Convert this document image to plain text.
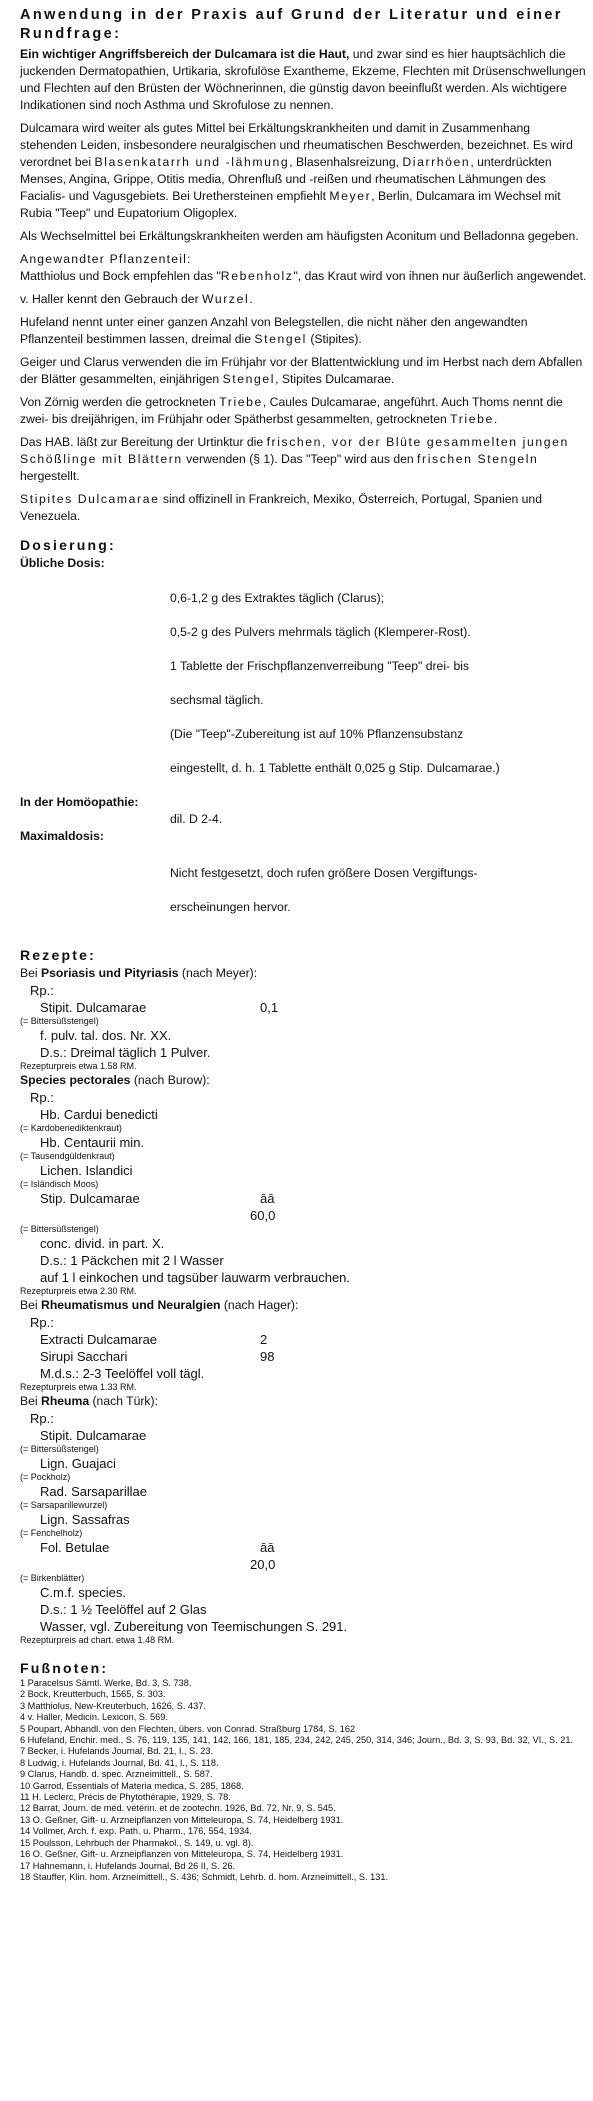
Anwendung in der Praxis auf Grund der Literatur und einer Rundfrage:

Ein wichtiger Angriffsbereich der Dulcamara ist die Haut, und zwar sind es hier hauptsächlich die juckenden Dermatopathien, Urtikaria, skrofulöse Exantheme, Ekzeme, Flechten mit Drüsenschwellungen und Flechten auf den Brüsten der Wöchnerinnen, die günstig davon beeinflußt werden. Als wichtigere Indikationen sind noch Asthma und Skrofulose zu nennen.

Dulcamara wird weiter als gutes Mittel bei Erkältungskrankheiten und damit in Zusammenhang stehenden Leiden, insbesondere neuralgischen und rheumatischen Beschwerden, bezeichnet. Es wird verordnet bei Blasenkatarrh und -lähmung, Blasenhalsreizung, Diarrhöen, unterdrückten Menses, Angina, Grippe, Otitis media, Ohrenfluß und -reißen und rheumatischen Lähmungen des Facialis- und Vagusgebiets. Bei Urethersteinen empfiehlt Meyer, Berlin, Dulcamara im Wechsel mit Rubia "Teep" und Eupatorium Oligoplex.

Als Wechselmittel bei Erkältungskrankheiten werden am häufigsten Aconitum und Belladonna gegeben.

Angewandter Pflanzenteil:

Matthiolus und Bock empfehlen das "Rebenholz", das Kraut wird von ihnen nur äußerlich angewendet.

v. Haller kennt den Gebrauch der Wurzel.

Hufeland nennt unter einer ganzen Anzahl von Belegstellen, die nicht näher den angewandten Pflanzenteil bestimmen lassen, dreimal die Stengel (Stipites).

Geiger und Clarus verwenden die im Frühjahr vor der Blattentwicklung und im Herbst nach dem Abfallen der Blätter gesammelten, einjährigen Stengel, Stipites Dulcamarae.

Von Zörnig werden die getrockneten Triebe, Caules Dulcamarae, angeführt. Auch Thoms nennt die zwei- bis dreijährigen, im Frühjahr oder Spätherbst gesammelten, getrockneten Triebe.

Das HAB. läßt zur Bereitung der Urtinktur die frischen, vor der Blüte gesammelten jungen Schößlinge mit Blättern verwenden (§ 1). Das "Teep" wird aus den frischen Stengeln hergestellt.

Stipites Dulcamarae sind offizinell in Frankreich, Mexiko, Österreich, Portugal, Spanien und Venezuela.

Dosierung:
Übliche Dosis:

0,6-1,2 g des Extraktes täglich (Clarus);

0,5-2 g des Pulvers mehrmals täglich (Klemperer-Rost).

1 Tablette der Frischpflanzenverreibung "Teep" drei- bis

sechsmal täglich.

(Die "Teep"-Zubereitung ist auf 10% Pflanzensubstanz

eingestellt, d. h. 1 Tablette enthält 0,025 g Stip. Dulcamarae.)

In der Homöopathie:
dil. D 2-4.
Maximaldosis:

Nicht festgesetzt, doch rufen größere Dosen Vergiftungs-

erscheinungen hervor.

Rezepte:
Bei Psoriasis und Pityriasis (nach Meyer):
Rp.:
Stipit. Dulcamarae	0,1
(= Bittersüßstengel)
f. pulv. tal. dos. Nr. XX.
D.s.: Dreimal täglich 1 Pulver.
Rezepturpreis etwa 1.58 RM.
Species pectorales (nach Burow):
Rp.:
Hb. Cardui benedicti
(= Kardobenediktenkraut)
Hb. Centaurii min.
(= Tausendgüldenkraut)
Lichen. Islandici
(= Isländisch Moos)
Stip. Dulcamarae	āā
60,0
(= Bittersüßstengel)
conc. divid. in part. X.
D.s.: 1 Päckchen mit 2 l Wasser
auf 1 l einkochen und tagsüber lauwarm verbrauchen.
Rezepturpreis etwa 2.30 RM.
Bei Rheumatismus und Neuralgien (nach Hager):
Rp.:
Extracti Dulcamarae	2
Sirupi Sacchari	98
M.d.s.: 2-3 Teelöffel voll tägl.
Rezepturpreis etwa 1.33 RM.
Bei Rheuma (nach Türk):
Rp.:
Stipit. Dulcamarae
(= Bittersüßstengel)
Lign. Guajaci
(= Pockholz)
Rad. Sarsaparillae
(= Sarsaparillewurzel)
Lign. Sassafras
(= Fenchelholz)
Fol. Betulae	āā
20,0
(= Birkenblätter)
C.m.f. species.
D.s.: 1 ½ Teelöffel auf 2 Glas
Wasser, vgl. Zubereitung von Teemischungen S. 291.
Rezepturpreis ad chart. etwa 1.48 RM.
Fußnoten:
1 Paracelsus Sämtl. Werke, Bd. 3, S. 738.
2 Bock, Kreutterbuch, 1565, S. 303.
3 Matthiolus, New-Kreuterbuch, 1626, S. 437.
4 v. Haller, Medicin. Lexicon, S. 569.
5 Poupart, Abhandl. von den Flechten, übers. von Conrad. Straßburg 1784, S. 162
6 Hufeland, Enchir. med., S. 76, 119, 135, 141, 142, 166, 181, 185, 234, 242, 245, 250, 314, 346; Journ., Bd. 3, S. 93, Bd. 32, VI., S. 21.
7 Becker, i. Hufelands Journal, Bd. 21, I., S. 23.
8 Ludwig, i. Hufelands Journal, Bd. 41, I., S. 118.
9 Clarus, Handb. d. spec. Arzneimittell., S. 587.
10 Garrod, Essentials of Materia medica, S. 285, 1868.
11 H. Leclerc, Précis de Phytothérapie, 1929, S. 78.
12 Barrat, Journ. de méd. vétérin. et de zootechn. 1926, Bd. 72, Nr. 9, S. 545.
13 O. Geßner, Gift- u. Arzneipflanzen von Mitteleuropa, S. 74, Heidelberg 1931.
14 Vollmer, Arch. f. exp. Path. u. Pharm., 176, 554, 1934.
15 Poulsson, Lehrbuch der Pharmakol., S. 149, u. vgl. 8).
16 O. Geßner, Gift- u. Arzneipflanzen von Mitteleuropa, S. 74, Heidelberg 1931.
17 Hahnemann, i. Hufelands Journal, Bd 26 II, S. 26.
18 Stauffer, Klin. hom. Arzneimittell., S. 436; Schmidt, Lehrb. d. hom. Arzneimittell., S. 131.
